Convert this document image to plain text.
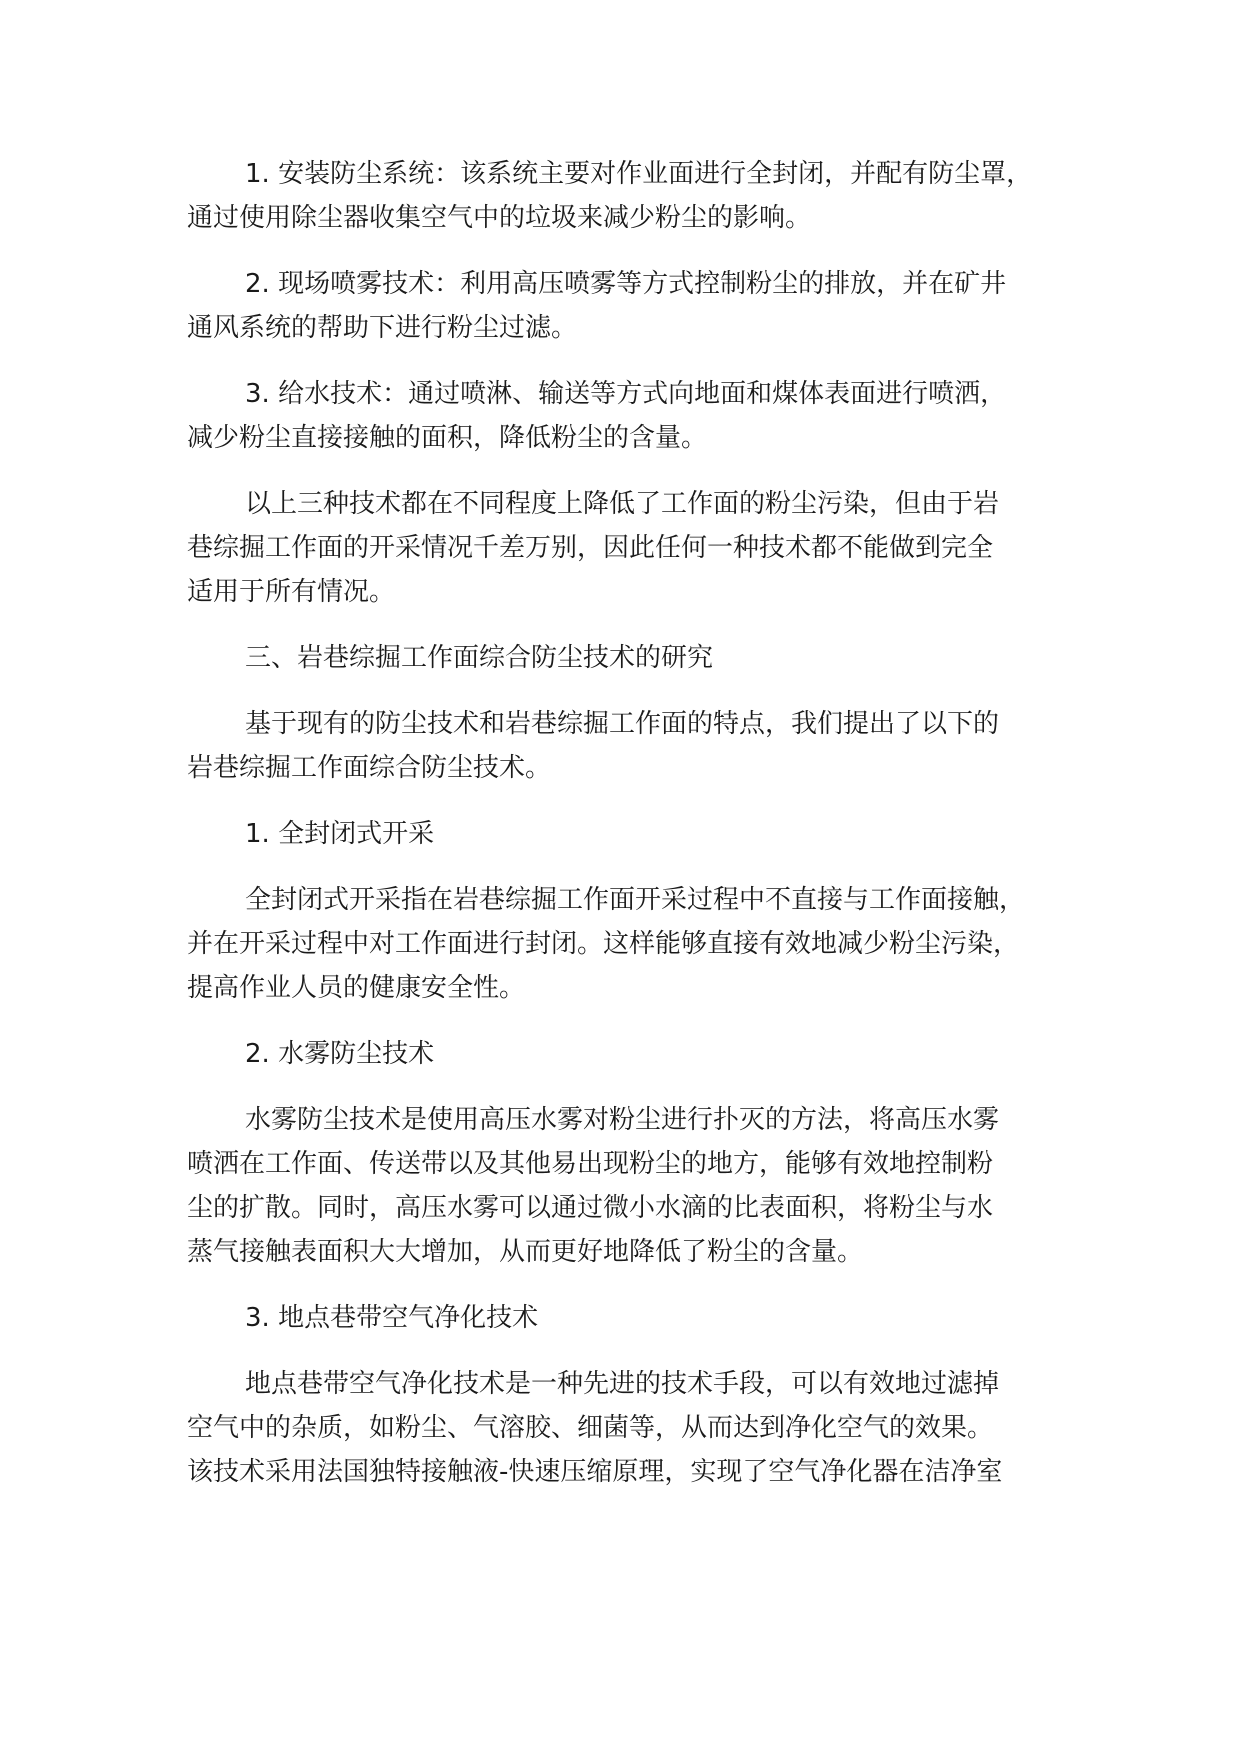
1. 安装防尘系统：该系统主要对作业面进行全封闭，并配有防尘罩，
通过使用除尘器收集空气中的垃圾来减少粉尘的影响。
2. 现场喷雾技术：利用高压喷雾等方式控制粉尘的排放，并在矿井
通风系统的帮助下进行粉尘过滤。
3. 给水技术：通过喷淋、输送等方式向地面和煤体表面进行喷洒，
减少粉尘直接接触的面积，降低粉尘的含量。
以上三种技术都在不同程度上降低了工作面的粉尘污染，但由于岩
巷综掘工作面的开采情况千差万别，因此任何一种技术都不能做到完全
适用于所有情况。
三、岩巷综掘工作面综合防尘技术的研究
基于现有的防尘技术和岩巷综掘工作面的特点，我们提出了以下的
岩巷综掘工作面综合防尘技术。
1. 全封闭式开采
全封闭式开采指在岩巷综掘工作面开采过程中不直接与工作面接触，
并在开采过程中对工作面进行封闭。这样能够直接有效地减少粉尘污染，
提高作业人员的健康安全性。
2. 水雾防尘技术
水雾防尘技术是使用高压水雾对粉尘进行扑灭的方法，将高压水雾
喷洒在工作面、传送带以及其他易出现粉尘的地方，能够有效地控制粉
尘的扩散。同时，高压水雾可以通过微小水滴的比表面积，将粉尘与水
蒸气接触表面积大大增加，从而更好地降低了粉尘的含量。
3. 地点巷带空气净化技术
地点巷带空气净化技术是一种先进的技术手段，可以有效地过滤掉
空气中的杂质，如粉尘、气溶胶、细菌等，从而达到净化空气的效果。
该技术采用法国独特接触液-快速压缩原理，实现了空气净化器在洁净室
